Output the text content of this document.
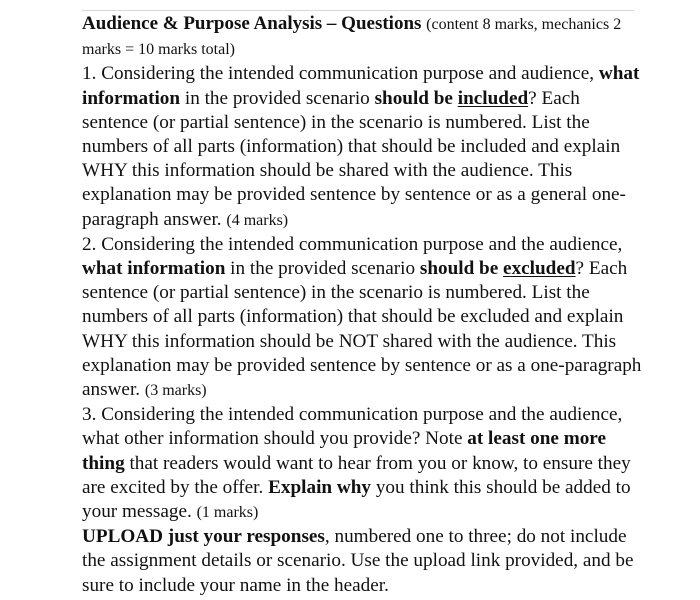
Audience & Purpose Analysis – Questions (content 8 marks, mechanics 2 marks = 10 marks total)

1. Considering the intended communication purpose and audience, what information in the provided scenario should be included? Each sentence (or partial sentence) in the scenario is numbered. List the numbers of all parts (information) that should be included and explain WHY this information should be shared with the audience. This explanation may be provided sentence by sentence or as a general one-paragraph answer. (4 marks)

2. Considering the intended communication purpose and the audience, what information in the provided scenario should be excluded? Each sentence (or partial sentence) in the scenario is numbered. List the numbers of all parts (information) that should be excluded and explain WHY this information should be NOT shared with the audience. This explanation may be provided sentence by sentence or as a one-paragraph answer. (3 marks)

3. Considering the intended communication purpose and the audience, what other information should you provide? Note at least one more thing that readers would want to hear from you or know, to ensure they are excited by the offer. Explain why you think this should be added to your message. (1 marks)

UPLOAD just your responses, numbered one to three; do not include the assignment details or scenario. Use the upload link provided, and be sure to include your name in the header.
